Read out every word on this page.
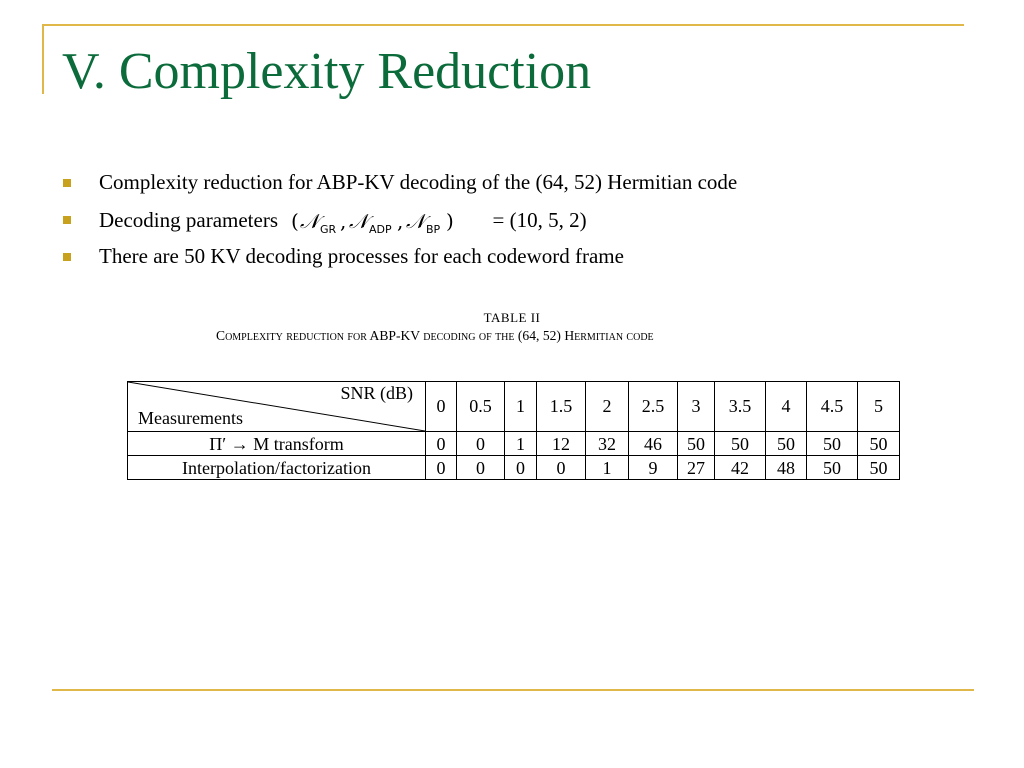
V. Complexity Reduction
Complexity reduction for ABP-KV decoding of the (64, 52) Hermitian code
Decoding parameters ( 𝒩 GR , 𝒩 ADP , 𝒩 BP ) = (10, 5, 2)
There are 50 KV decoding processes for each codeword frame
TABLE II
Complexity reduction for ABP-KV decoding of the (64, 52) Hermitian code
SNR (dB)
Measurements	0	0.5	1	1.5	2	2.5	3	3.5	4	4.5	5
Π′ → M transform	0	0	1	12	32	46	50	50	50	50	50
Interpolation/factorization	0	0	0	0	1	9	27	42	48	50	50
